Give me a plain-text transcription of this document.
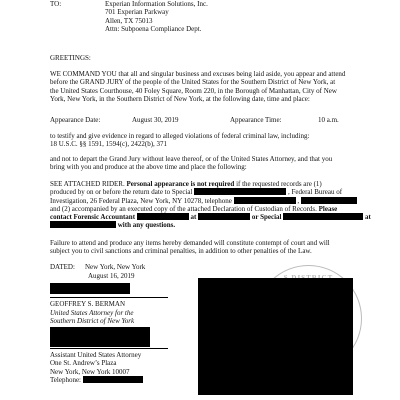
TO:	Experian Information Solutions, Inc.
701 Experian Parkway
Allen, TX 75013
Attn: Subpoena Compliance Dept.
GREETINGS:
WE COMMAND YOU that all and singular business and excuses being laid aside, you appear and attend
before the GRAND JURY of the people of the United States for the Southern District of New York, at
the United States Courthouse, 40 Foley Square, Room 220, in the Borough of Manhattan, City of New
York, New York, in the Southern District of New York, at the following date, time and place:
Appearance Date:	August 30, 2019	Appearance Time:	10 a.m.
to testify and give evidence in regard to alleged violations of federal criminal law, including:
18 U.S.C. §§ 1591, 1594(c), 2422(b), 371
and not to depart the Grand Jury without leave thereof, or of the United States Attorney, and that you
bring with you and produce at the above time and place the following:
SEE ATTACHED RIDER. Personal appearance is not required if the requested records are (1)
produced by on or before the return date to Special	, Federal Bureau of
Investigation, 26 Federal Plaza, New York, NY 10278, telephone	,
and (2) accompanied by an executed copy of the attached Declaration of Custodian of Records. Please
contact Forensic Accountant	at	or Special	at
with any questions.
Failure to attend and produce any items hereby demanded will constitute contempt of court and will
subject you to civil sanctions and criminal penalties, in addition to other penalties of the Law.
DATED: New York, New York
August 16, 2019
GEOFFREY S. BERMAN
United States Attorney for the
Southern District of New York
Assistant United States Attorney
One St. Andrew’s Plaza
New York, New York 10007
Telephone:
